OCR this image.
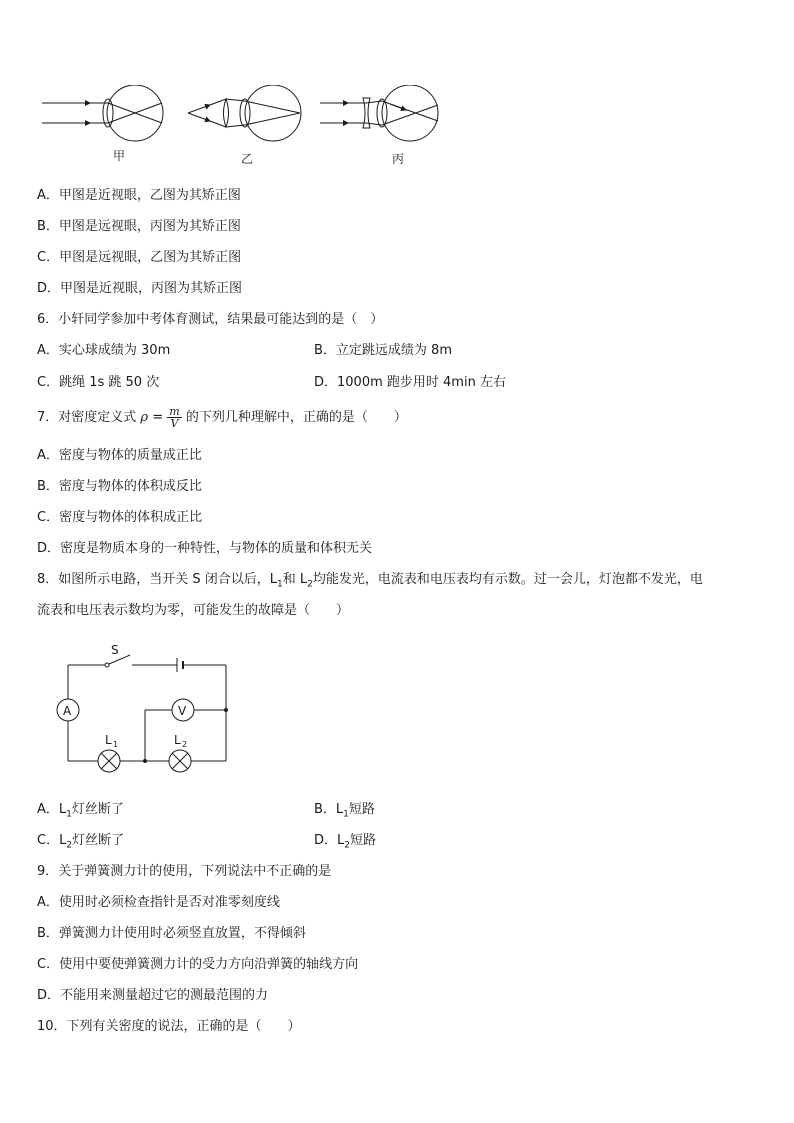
甲	乙	丙
A．甲图是近视眼，乙图为其矫正图
B．甲图是远视眼，丙图为其矫正图
C．甲图是远视眼，乙图为其矫正图
D．甲图是近视眼，丙图为其矫正图
6．小轩同学参加中考体育测试，结果最可能达到的是（　）
A．实心球成绩为 30m	B．立定跳远成绩为 8m
C．跳绳 1s 跳 50 次	D．1000m 跑步用时 4min 左右
7．对密度定义式 $\rho = \frac{m}{V}$ 的下列几种理解中，正确的是（　　）
A．密度与物体的质量成正比
B．密度与物体的体积成反比
C．密度与物体的体积成正比
D．密度是物质本身的一种特性，与物体的质量和体积无关
8．如图所示电路，当开关 S 闭合以后，$L_1$和 $L_2$均能发光，电流表和电压表均有示数。过一会儿，灯泡都不发光，电
流表和电压表示数均为零，可能发生的故障是（　　）
S
A	V
L 1	L 2
A．$L_1$灯丝断了	B．$L_1$短路
C．$L_2$灯丝断了	D．$L_2$短路
9．关于弹簧测力计的使用，下列说法中不正确的是
A．使用时必须检查指针是否对准零刻度线
B．弹簧测力计使用时必须竖直放置，不得倾斜
C．使用中要使弹簧测力计的受力方向沿弹簧的轴线方向
D．不能用来测量超过它的测最范围的力
10．下列有关密度的说法，正确的是（　　）
